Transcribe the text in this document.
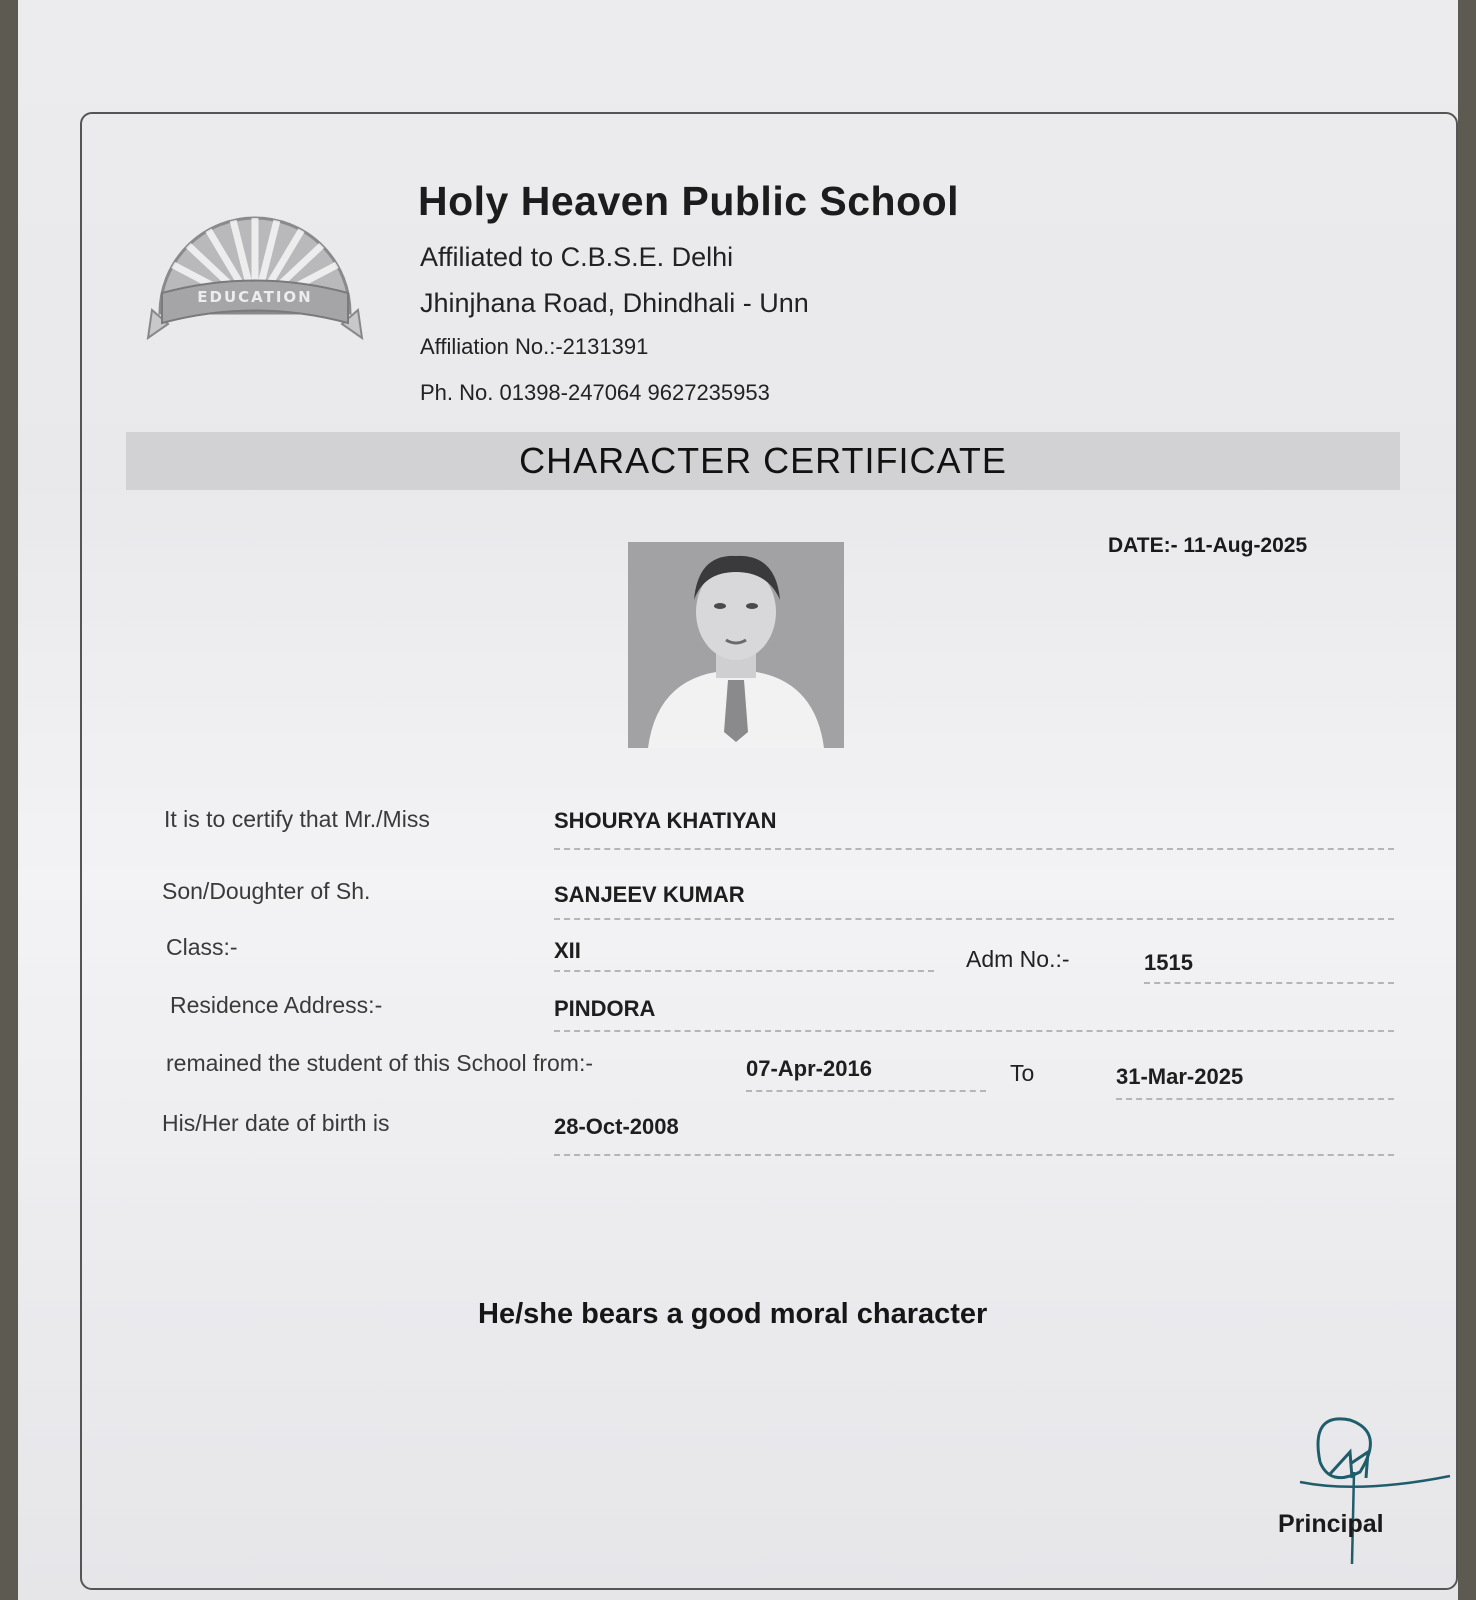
EDUCATION
Holy Heaven Public School
Affiliated to C.B.S.E. Delhi
Jhinjhana Road, Dhindhali - Unn
Affiliation No.:-2131391
Ph. No. 01398-247064 9627235953
CHARACTER CERTIFICATE
DATE:- 11-Aug-2025
It is to certify that Mr./Miss	SHOURYA KHATIYAN
Son/Doughter of Sh.	SANJEEV KUMAR
Class:-	XII	Adm No.:-	1515
Residence Address:-	PINDORA
remained the student of this School from:-	07-Apr-2016	To	31-Mar-2025
His/Her date of birth is	28-Oct-2008
He/she bears a good moral character
Principal
